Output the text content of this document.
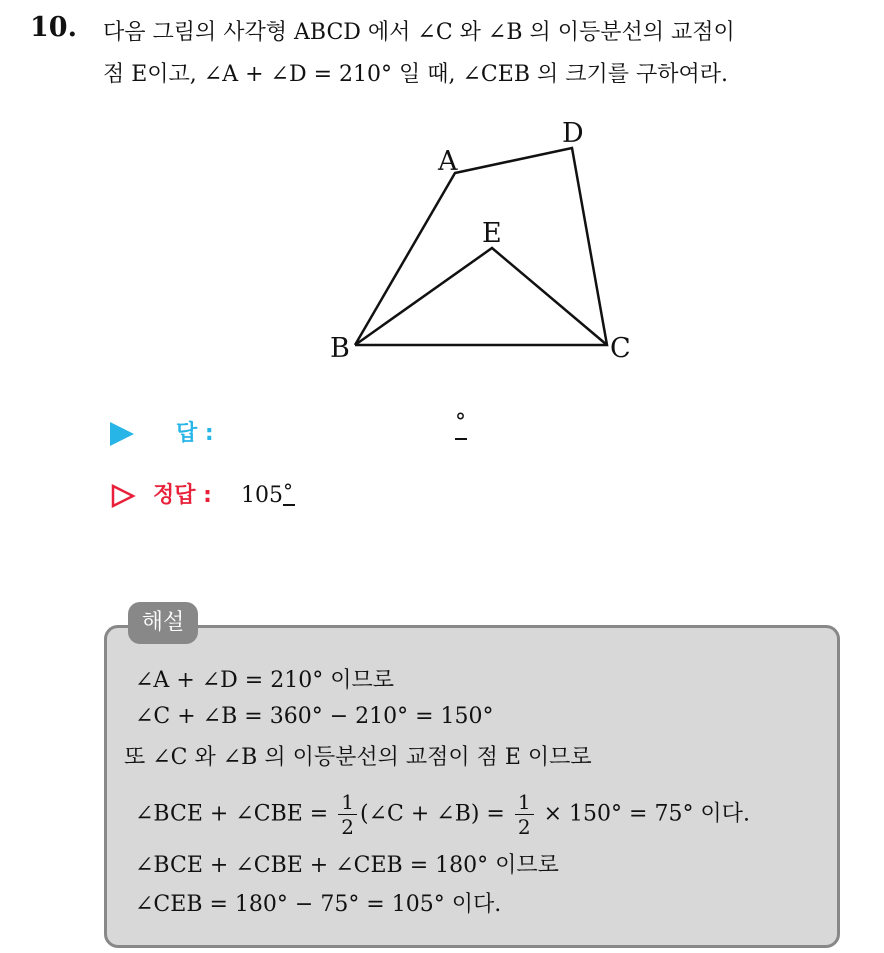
10. 다음 그림의 사각형 ABCD 에서 ∠C 와 ∠B 의 이등분선의 교점이
점 E이고, ∠A + ∠D = 210° 일 때, ∠CEB 의 크기를 구하여라.
A
D
E
B	C
답 :	°
정답 : 105°
해설
∠A + ∠D = 210° 이므로
∠C + ∠B = 360° − 210° = 150°
또 ∠C 와 ∠B 의 이등분선의 교점이 점 E 이므로
∠BCE + ∠CBE = $\frac{1}{2}$ (∠C + ∠B) = $\frac{1}{2} \times 150^\circ = 75^\circ$ 이다.
∠BCE + ∠CBE + ∠CEB = 180° 이므로
∠CEB = 180° − 75° = 105° 이다.
